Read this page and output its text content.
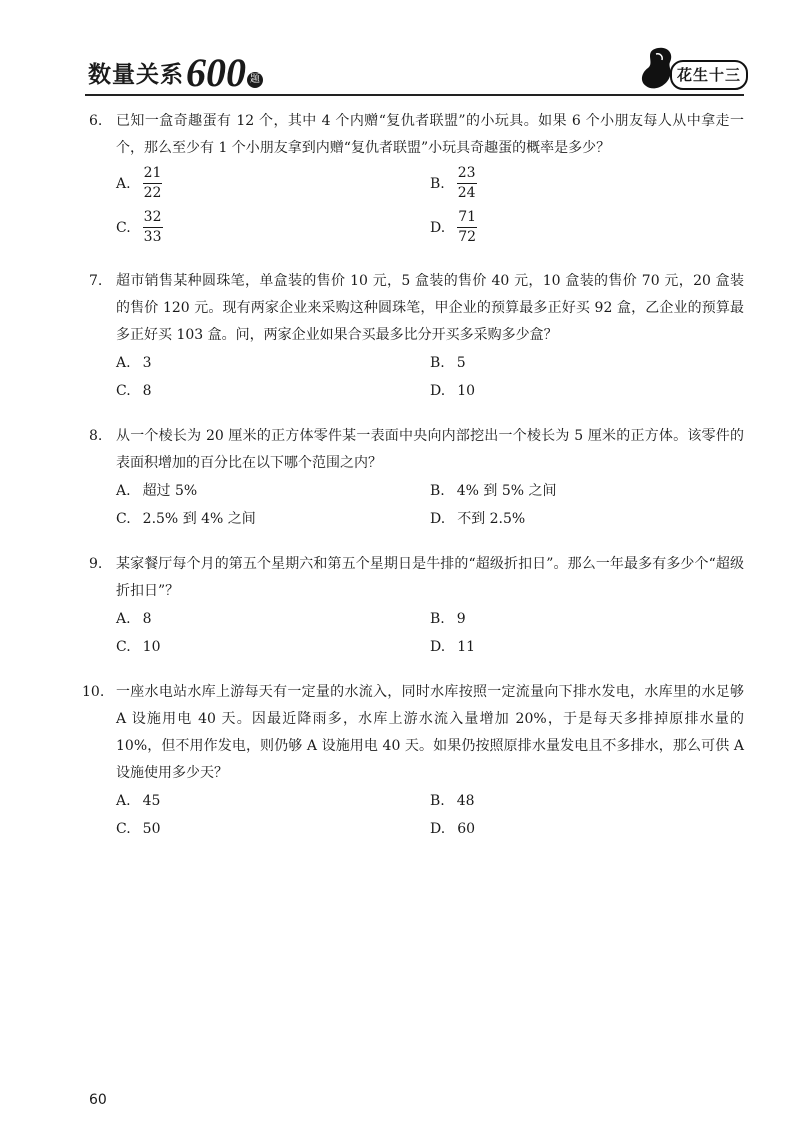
数量关系 600 题	花生十三
6. 已知一盒奇趣蛋有 12 个，其中 4 个内赠“复仇者联盟”的小玩具。如果 6 个小朋友每人从中拿走一个，那么至少有 1 个小朋友拿到内赠“复仇者联盟”小玩具奇趣蛋的概率是多少？
A. $\frac{21}{22}$	B. $\frac{23}{24}$
C. $\frac{32}{33}$	D. $\frac{71}{72}$
7. 超市销售某种圆珠笔，单盒装的售价 10 元，5 盒装的售价 40 元，10 盒装的售价 70 元，20 盒装的售价 120 元。现有两家企业来采购这种圆珠笔，甲企业的预算最多正好买 92 盒，乙企业的预算最多正好买 103 盒。问，两家企业如果合买最多比分开买多采购多少盒？
A. 3	B. 5
C. 8	D. 10
8. 从一个棱长为 20 厘米的正方体零件某一表面中央向内部挖出一个棱长为 5 厘米的正方体。该零件的表面积增加的百分比在以下哪个范围之内？
A. 超过 5%	B. 4% 到 5% 之间
C. 2.5% 到 4% 之间	D. 不到 2.5%
9. 某家餐厅每个月的第五个星期六和第五个星期日是牛排的“超级折扣日”。那么一年最多有多少个“超级折扣日”？
A. 8	B. 9
C. 10	D. 11
10. 一座水电站水库上游每天有一定量的水流入，同时水库按照一定流量向下排水发电，水库里的水足够 A 设施用电 40 天。因最近降雨多，水库上游水流入量增加 20%，于是每天多排掉原排水量的 10%，但不用作发电，则仍够 A 设施用电 40 天。如果仍按照原排水量发电且不多排水，那么可供 A 设施使用多少天？
A. 45	B. 48
C. 50	D. 60
60
